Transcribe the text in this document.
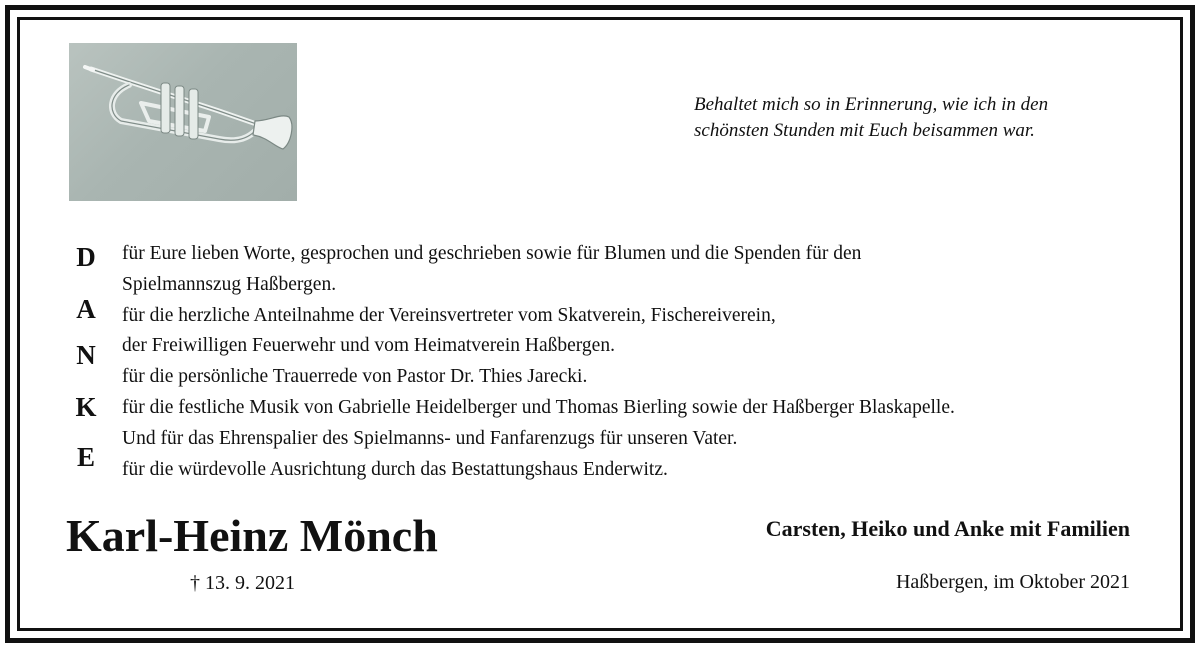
Behaltet mich so in Erinnerung, wie ich in den
schönsten Stunden mit Euch beisammen war.
D
A
N
K
E
für Eure lieben Worte, gesprochen und geschrieben sowie für Blumen und die Spenden für den
Spielmannszug Haßbergen.
für die herzliche Anteilnahme der Vereinsvertreter vom Skatverein, Fischereiverein,
der Freiwilligen Feuerwehr und vom Heimatverein Haßbergen.
für die persönliche Trauerrede von Pastor Dr. Thies Jarecki.
für die festliche Musik von Gabrielle Heidelberger und Thomas Bierling sowie der Haßberger Blaskapelle.
Und für das Ehrenspalier des Spielmanns- und Fanfarenzugs für unseren Vater.
für die würdevolle Ausrichtung durch das Bestattungshaus Enderwitz.
Karl-Heinz Mönch
† 13. 9. 2021
Carsten, Heiko und Anke mit Familien
Haßbergen, im Oktober 2021
